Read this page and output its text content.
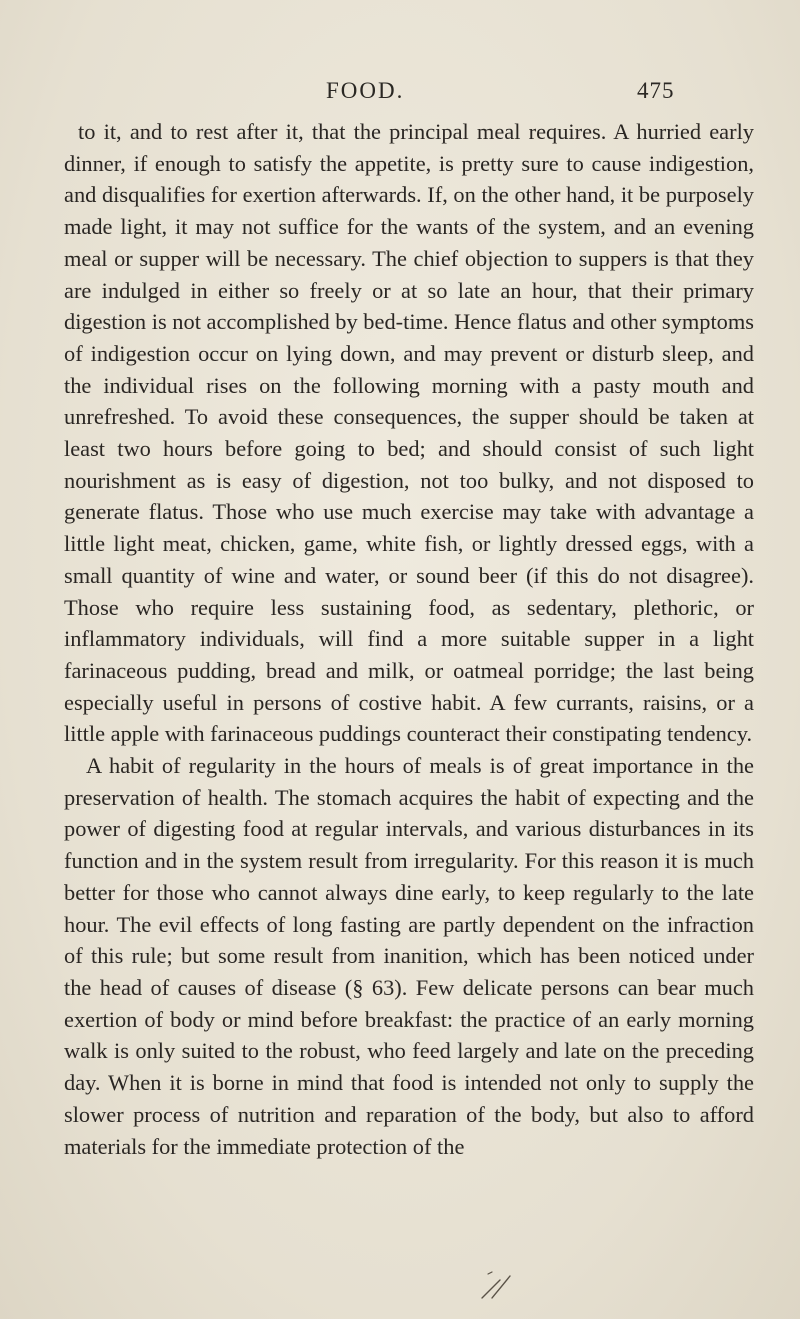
FOOD.	475

to it, and to rest after it, that the principal meal requires. A hurried early dinner, if enough to satisfy the appetite, is pretty sure to cause indigestion, and disqualifies for exertion afterwards. If, on the other hand, it be purposely made light, it may not suffice for the wants of the system, and an evening meal or supper will be necessary. The chief objection to suppers is that they are indulged in either so freely or at so late an hour, that their primary digestion is not accomplished by bed-time. Hence flatus and other symptoms of indigestion occur on lying down, and may prevent or disturb sleep, and the individual rises on the following morning with a pasty mouth and unrefreshed. To avoid these consequences, the supper should be taken at least two hours before going to bed; and should consist of such light nourishment as is easy of digestion, not too bulky, and not disposed to generate flatus. Those who use much exercise may take with advantage a little light meat, chicken, game, white fish, or lightly dressed eggs, with a small quantity of wine and water, or sound beer (if this do not disagree). Those who require less sustaining food, as sedentary, plethoric, or inflammatory individuals, will find a more suitable supper in a light farinaceous pudding, bread and milk, or oatmeal porridge; the last being especially useful in persons of costive habit. A few currants, raisins, or a little apple with farinaceous puddings counteract their constipating tendency.

A habit of regularity in the hours of meals is of great importance in the preservation of health. The stomach acquires the habit of expecting and the power of digesting food at regular intervals, and various disturbances in its function and in the system result from irregularity. For this reason it is much better for those who cannot always dine early, to keep regularly to the late hour. The evil effects of long fasting are partly dependent on the infraction of this rule; but some result from inanition, which has been noticed under the head of causes of disease (§ 63). Few delicate persons can bear much exertion of body or mind before breakfast: the practice of an early morning walk is only suited to the robust, who feed largely and late on the preceding day. When it is borne in mind that food is intended not only to supply the slower process of nutrition and reparation of the body, but also to afford materials for the immediate protection of the
